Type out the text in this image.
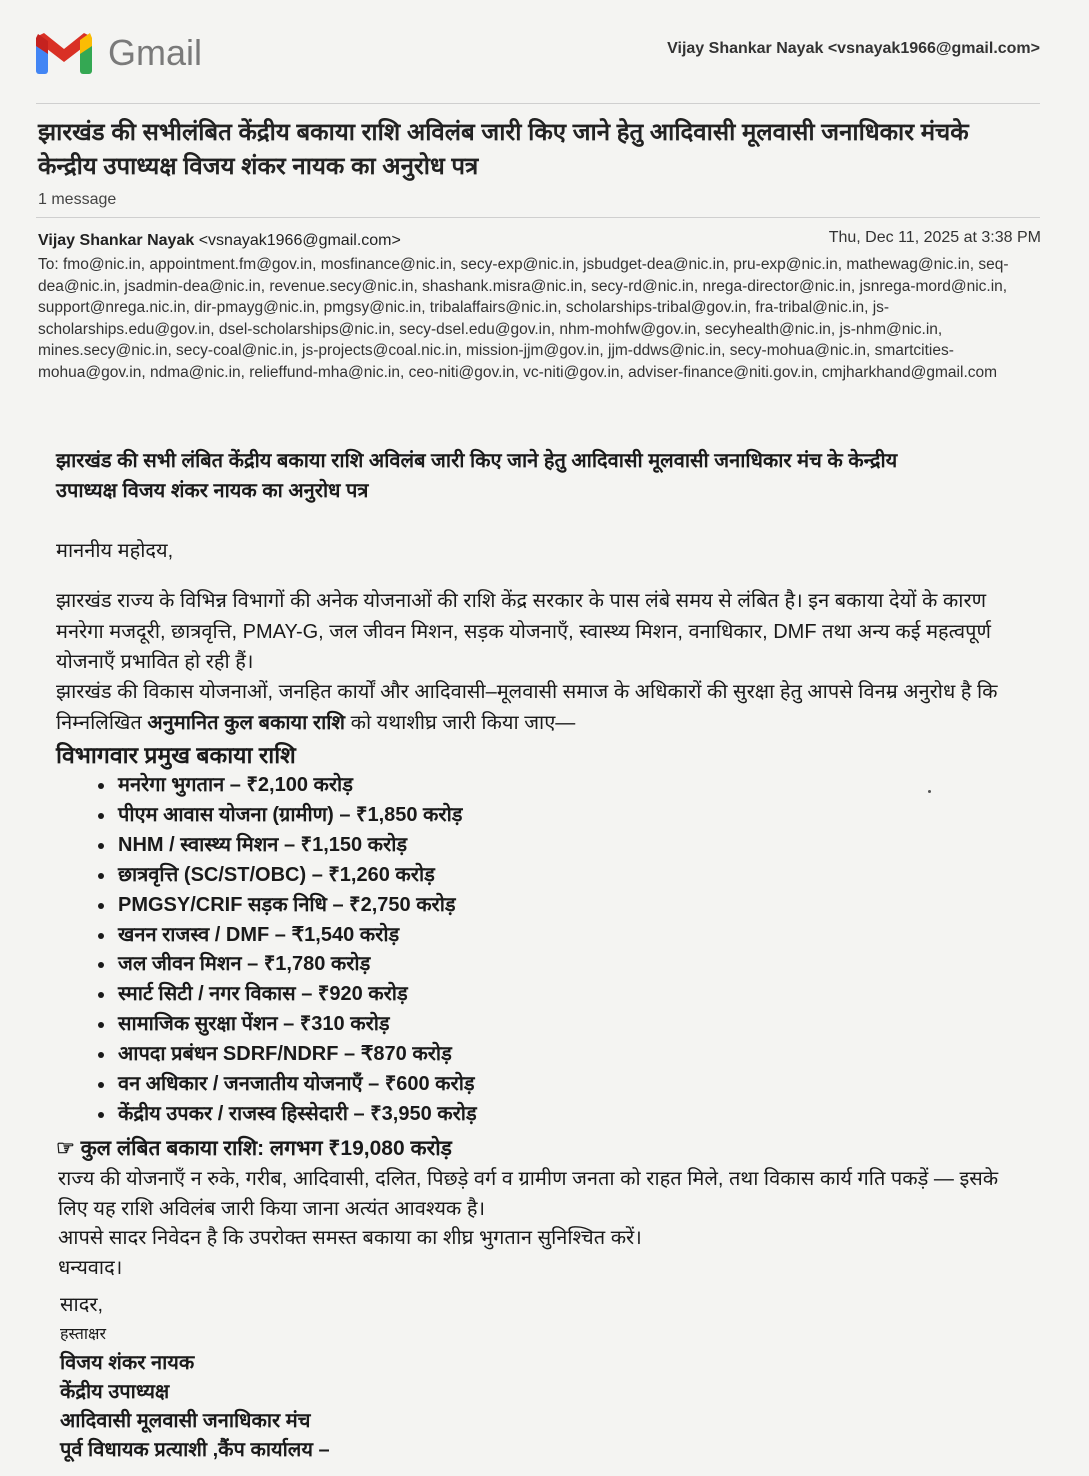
Gmail	Vijay Shankar Nayak <vsnayak1966@gmail.com>
झारखंड की सभीलंबित केंद्रीय बकाया राशि अविलंब जारी किए जाने हेतु आदिवासी मूलवासी जनाधिकार मंचके केन्द्रीय उपाध्यक्ष विजय शंकर नायक का अनुरोध पत्र
1 message
Vijay Shankar Nayak <vsnayak1966@gmail.com>	Thu, Dec 11, 2025 at 3:38 PM
To: fmo@nic.in, appointment.fm@gov.in, mosfinance@nic.in, secy-exp@nic.in, jsbudget-dea@nic.in, pru-exp@nic.in, mathewag@nic.in, seq-dea@nic.in, jsadmin-dea@nic.in, revenue.secy@nic.in, shashank.misra@nic.in, secy-rd@nic.in, nrega-director@nic.in, jsnrega-mord@nic.in, support@nrega.nic.in, dir-pmayg@nic.in, pmgsy@nic.in, tribalaffairs@nic.in, scholarships-tribal@gov.in, fra-tribal@nic.in, js-scholarships.edu@gov.in, dsel-scholarships@nic.in, secy-dsel.edu@gov.in, nhm-mohfw@gov.in, secyhealth@nic.in, js-nhm@nic.in, mines.secy@nic.in, secy-coal@nic.in, js-projects@coal.nic.in, mission-jjm@gov.in, jjm-ddws@nic.in, secy-mohua@nic.in, smartcities-mohua@gov.in, ndma@nic.in, relieffund-mha@nic.in, ceo-niti@gov.in, vc-niti@gov.in, adviser-finance@niti.gov.in, cmjharkhand@gmail.com
झारखंड की सभी लंबित केंद्रीय बकाया राशि अविलंब जारी किए जाने हेतु आदिवासी मूलवासी जनाधिकार मंच के केन्द्रीय उपाध्यक्ष विजय शंकर नायक का अनुरोध पत्र
माननीय महोदय,
झारखंड राज्य के विभिन्न विभागों की अनेक योजनाओं की राशि केंद्र सरकार के पास लंबे समय से लंबित है। इन बकाया देयों के कारण मनरेगा मजदूरी, छात्रवृत्ति, PMAY-G, जल जीवन मिशन, सड़क योजनाएँ, स्वास्थ्य मिशन, वनाधिकार, DMF तथा अन्य कई महत्वपूर्ण योजनाएँ प्रभावित हो रही हैं।
झारखंड की विकास योजनाओं, जनहित कार्यों और आदिवासी–मूलवासी समाज के अधिकारों की सुरक्षा हेतु आपसे विनम्र अनुरोध है कि निम्नलिखित अनुमानित कुल बकाया राशि को यथाशीघ्र जारी किया जाए—
विभागवार प्रमुख बकाया राशि
• मनरेगा भुगतान – ₹2,100 करोड़
• पीएम आवास योजना (ग्रामीण) – ₹1,850 करोड़
• NHM / स्वास्थ्य मिशन – ₹1,150 करोड़
• छात्रवृत्ति (SC/ST/OBC) – ₹1,260 करोड़
• PMGSY/CRIF सड़क निधि – ₹2,750 करोड़
• खनन राजस्व / DMF – ₹1,540 करोड़
• जल जीवन मिशन – ₹1,780 करोड़
• स्मार्ट सिटी / नगर विकास – ₹920 करोड़
• सामाजिक सुरक्षा पेंशन – ₹310 करोड़
• आपदा प्रबंधन SDRF/NDRF – ₹870 करोड़
• वन अधिकार / जनजातीय योजनाएँ – ₹600 करोड़
• केंद्रीय उपकर / राजस्व हिस्सेदारी – ₹3,950 करोड़
☞ कुल लंबित बकाया राशि: लगभग ₹19,080 करोड़
राज्य की योजनाएँ न रुके, गरीब, आदिवासी, दलित, पिछड़े वर्ग व ग्रामीण जनता को राहत मिले, तथा विकास कार्य गति पकड़ें — इसके लिए यह राशि अविलंब जारी किया जाना अत्यंत आवश्यक है।
आपसे सादर निवेदन है कि उपरोक्त समस्त बकाया का शीघ्र भुगतान सुनिश्चित करें।
धन्यवाद।
सादर,
हस्ताक्षर
विजय शंकर नायक
केंद्रीय उपाध्यक्ष
आदिवासी मूलवासी जनाधिकार मंच
पूर्व विधायक प्रत्याशी ,कैंप कार्यालय –
